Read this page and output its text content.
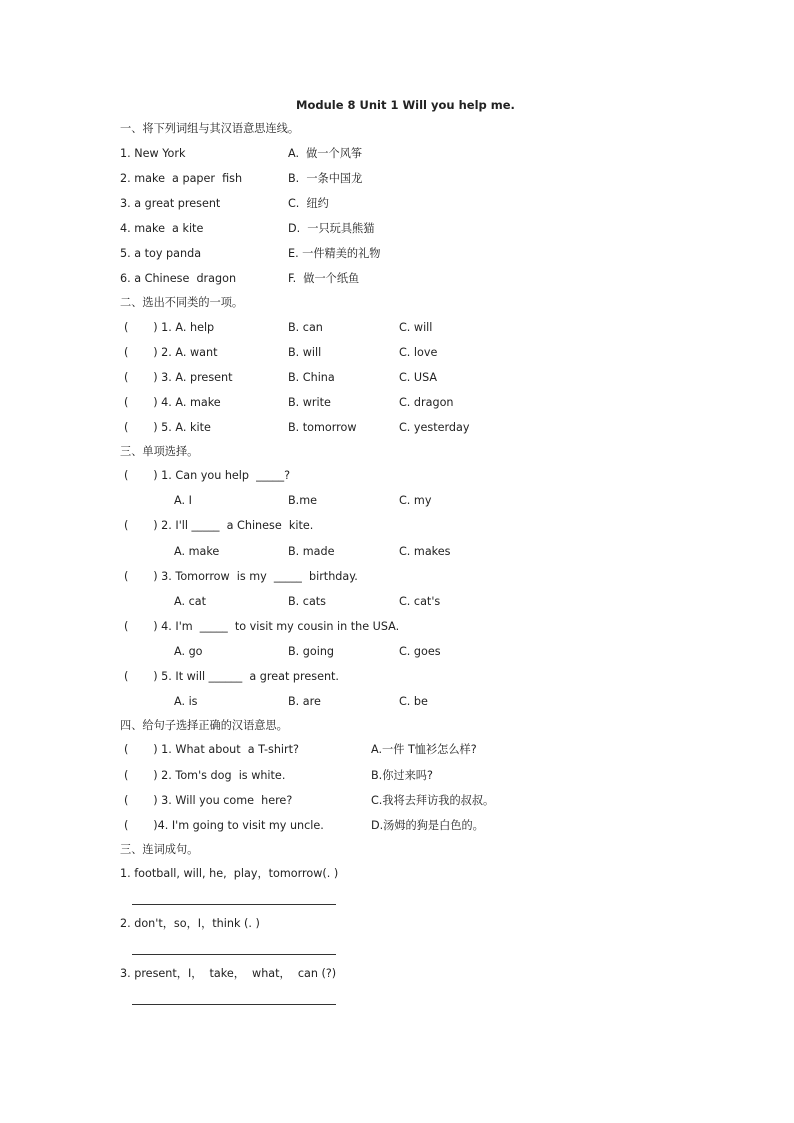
Module 8 Unit 1 Will you help me.
一、将下列词组与其汉语意思连线。
1. New York	A.  做一个风筝
2. make  a paper  fish	B.  一条中国龙
3. a great present	C.  纽约
4. make  a kite	D.  一只玩具熊猫
5. a toy panda	E. 一件精美的礼物
6. a Chinese  dragon	F.  做一个纸鱼
二、选出不同类的一项。
(       ) 1. A. help	B. can	C. will
(       ) 2. A. want	B. will	C. love
(       ) 3. A. present	B. China	C. USA
(       ) 4. A. make	B. write	C. dragon
(       ) 5. A. kite	B. tomorrow	C. yesterday
三、单项选择。
(       ) 1. Can you help  _____?
A. I	B.me	C. my
(       ) 2. I'll _____  a Chinese  kite.
A. make	B. made	C. makes
(       ) 3. Tomorrow  is my  _____  birthday.
A. cat	B. cats	C. cat's
(       ) 4. I'm  _____  to visit my cousin in the USA.
A. go	B. going	C. goes
(       ) 5. It will ______  a great present.
A. is	B. are	C. be
四、给句子选择正确的汉语意思。
(       ) 1. What about  a T-shirt?	A.一件 T恤衫怎么样?
(       ) 2. Tom's dog  is white.	B.你过来吗?
(       ) 3. Will you come  here?	C.我将去拜访我的叔叔。
(       )4. I'm going to visit my uncle.	D.汤姆的狗是白色的。
三、连词成句。
1. football, will, he,  play，tomorrow(. )
2. don't，so，I，think (. )
3. present，I，  take，  what，  can (?)
